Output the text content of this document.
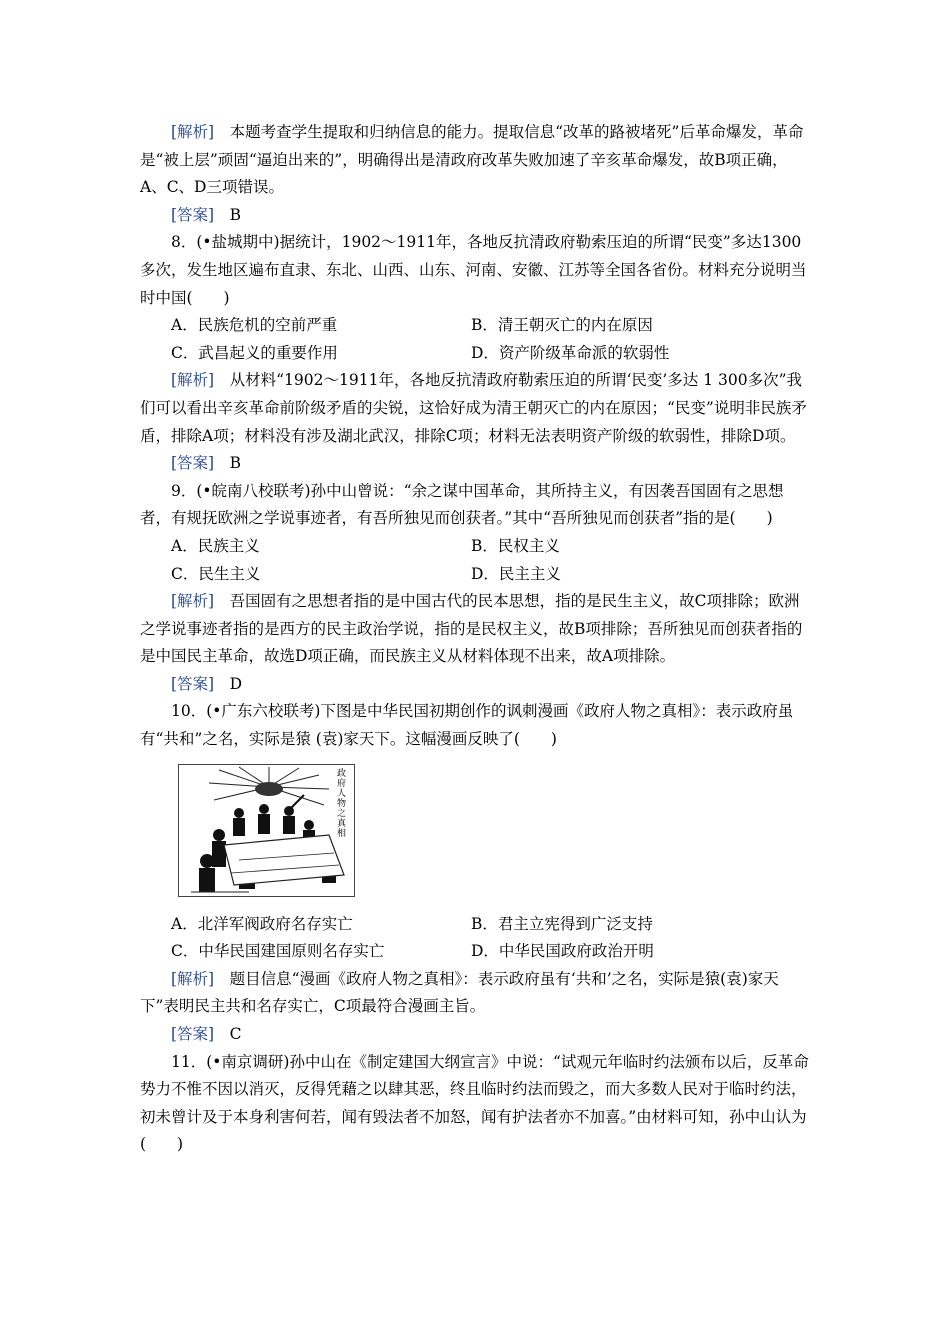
[解析]　 本题考查学生提取和归纳信息的能力。提取信息“改革的路被堵死”后革命爆发，革命是“被上层”顽固“逼迫出来的”，明确得出是清政府改革失败加速了辛亥革命爆发，故B项正确，A、C、D三项错误。

[答案]　 B

8．(•盐城期中)据统计，1902～1911年，各地反抗清政府勒索压迫的所谓“民变”多达1300多次，发生地区遍布直隶、东北、山西、山东、河南、安徽、江苏等全国各省份。材料充分说明当时中国(　　)

A．民族危机的空前严重	B．清王朝灭亡的内在原因
C．武昌起义的重要作用	D．资产阶级革命派的软弱性

[解析]　 从材料“1902～1911年，各地反抗清政府勒索压迫的所谓‘民变’多达 1 300多次”我们可以看出辛亥革命前阶级矛盾的尖锐，这恰好成为清王朝灭亡的内在原因；“民变”说明非民族矛盾，排除A项；材料没有涉及湖北武汉，排除C项；材料无法表明资产阶级的软弱性，排除D项。

[答案]　 B

9．(•皖南八校联考)孙中山曾说：“余之谋中国革命，其所持主义，有因袭吾国固有之思想者，有规抚欧洲之学说事迹者，有吾所独见而创获者。”其中“吾所独见而创获者”指的是(　　)

A．民族主义	B．民权主义
C．民生主义	D．民主主义

[解析]　 吾国固有之思想者指的是中国古代的民本思想，指的是民生主义，故C项排除；欧洲之学说事迹者指的是西方的民主政治学说，指的是民权主义，故B项排除；吾所独见而创获者指的是中国民主革命，故选D项正确，而民族主义从材料体现不出来，故A项排除。

[答案]　 D

10．(•广东六校联考)下图是中华民国初期创作的讽刺漫画《政府人物之真相》：表示政府虽有“共和”之名，实际是猿 (袁)家天下。这幅漫画反映了(　　)

政府人物之真相
A．北洋军阀政府名存实亡	B．君主立宪得到广泛支持
C．中华民国建国原则名存实亡	D．中华民国政府政治开明

[解析]　 题目信息“漫画《政府人物之真相》：表示政府虽有‘共和’之名，实际是猿(袁)家天下”表明民主共和名存实亡，C项最符合漫画主旨。

[答案]　 C

11．(•南京调研)孙中山在《制定建国大纲宣言》中说：“试观元年临时约法颁布以后，反革命势力不惟不因以消灭，反得凭藉之以肆其恶，终且临时约法而毁之，而大多数人民对于临时约法，初未曾计及于本身利害何若，闻有毁法者不加怒，闻有护法者亦不加喜。”由材料可知，孙中山认为(　　)
